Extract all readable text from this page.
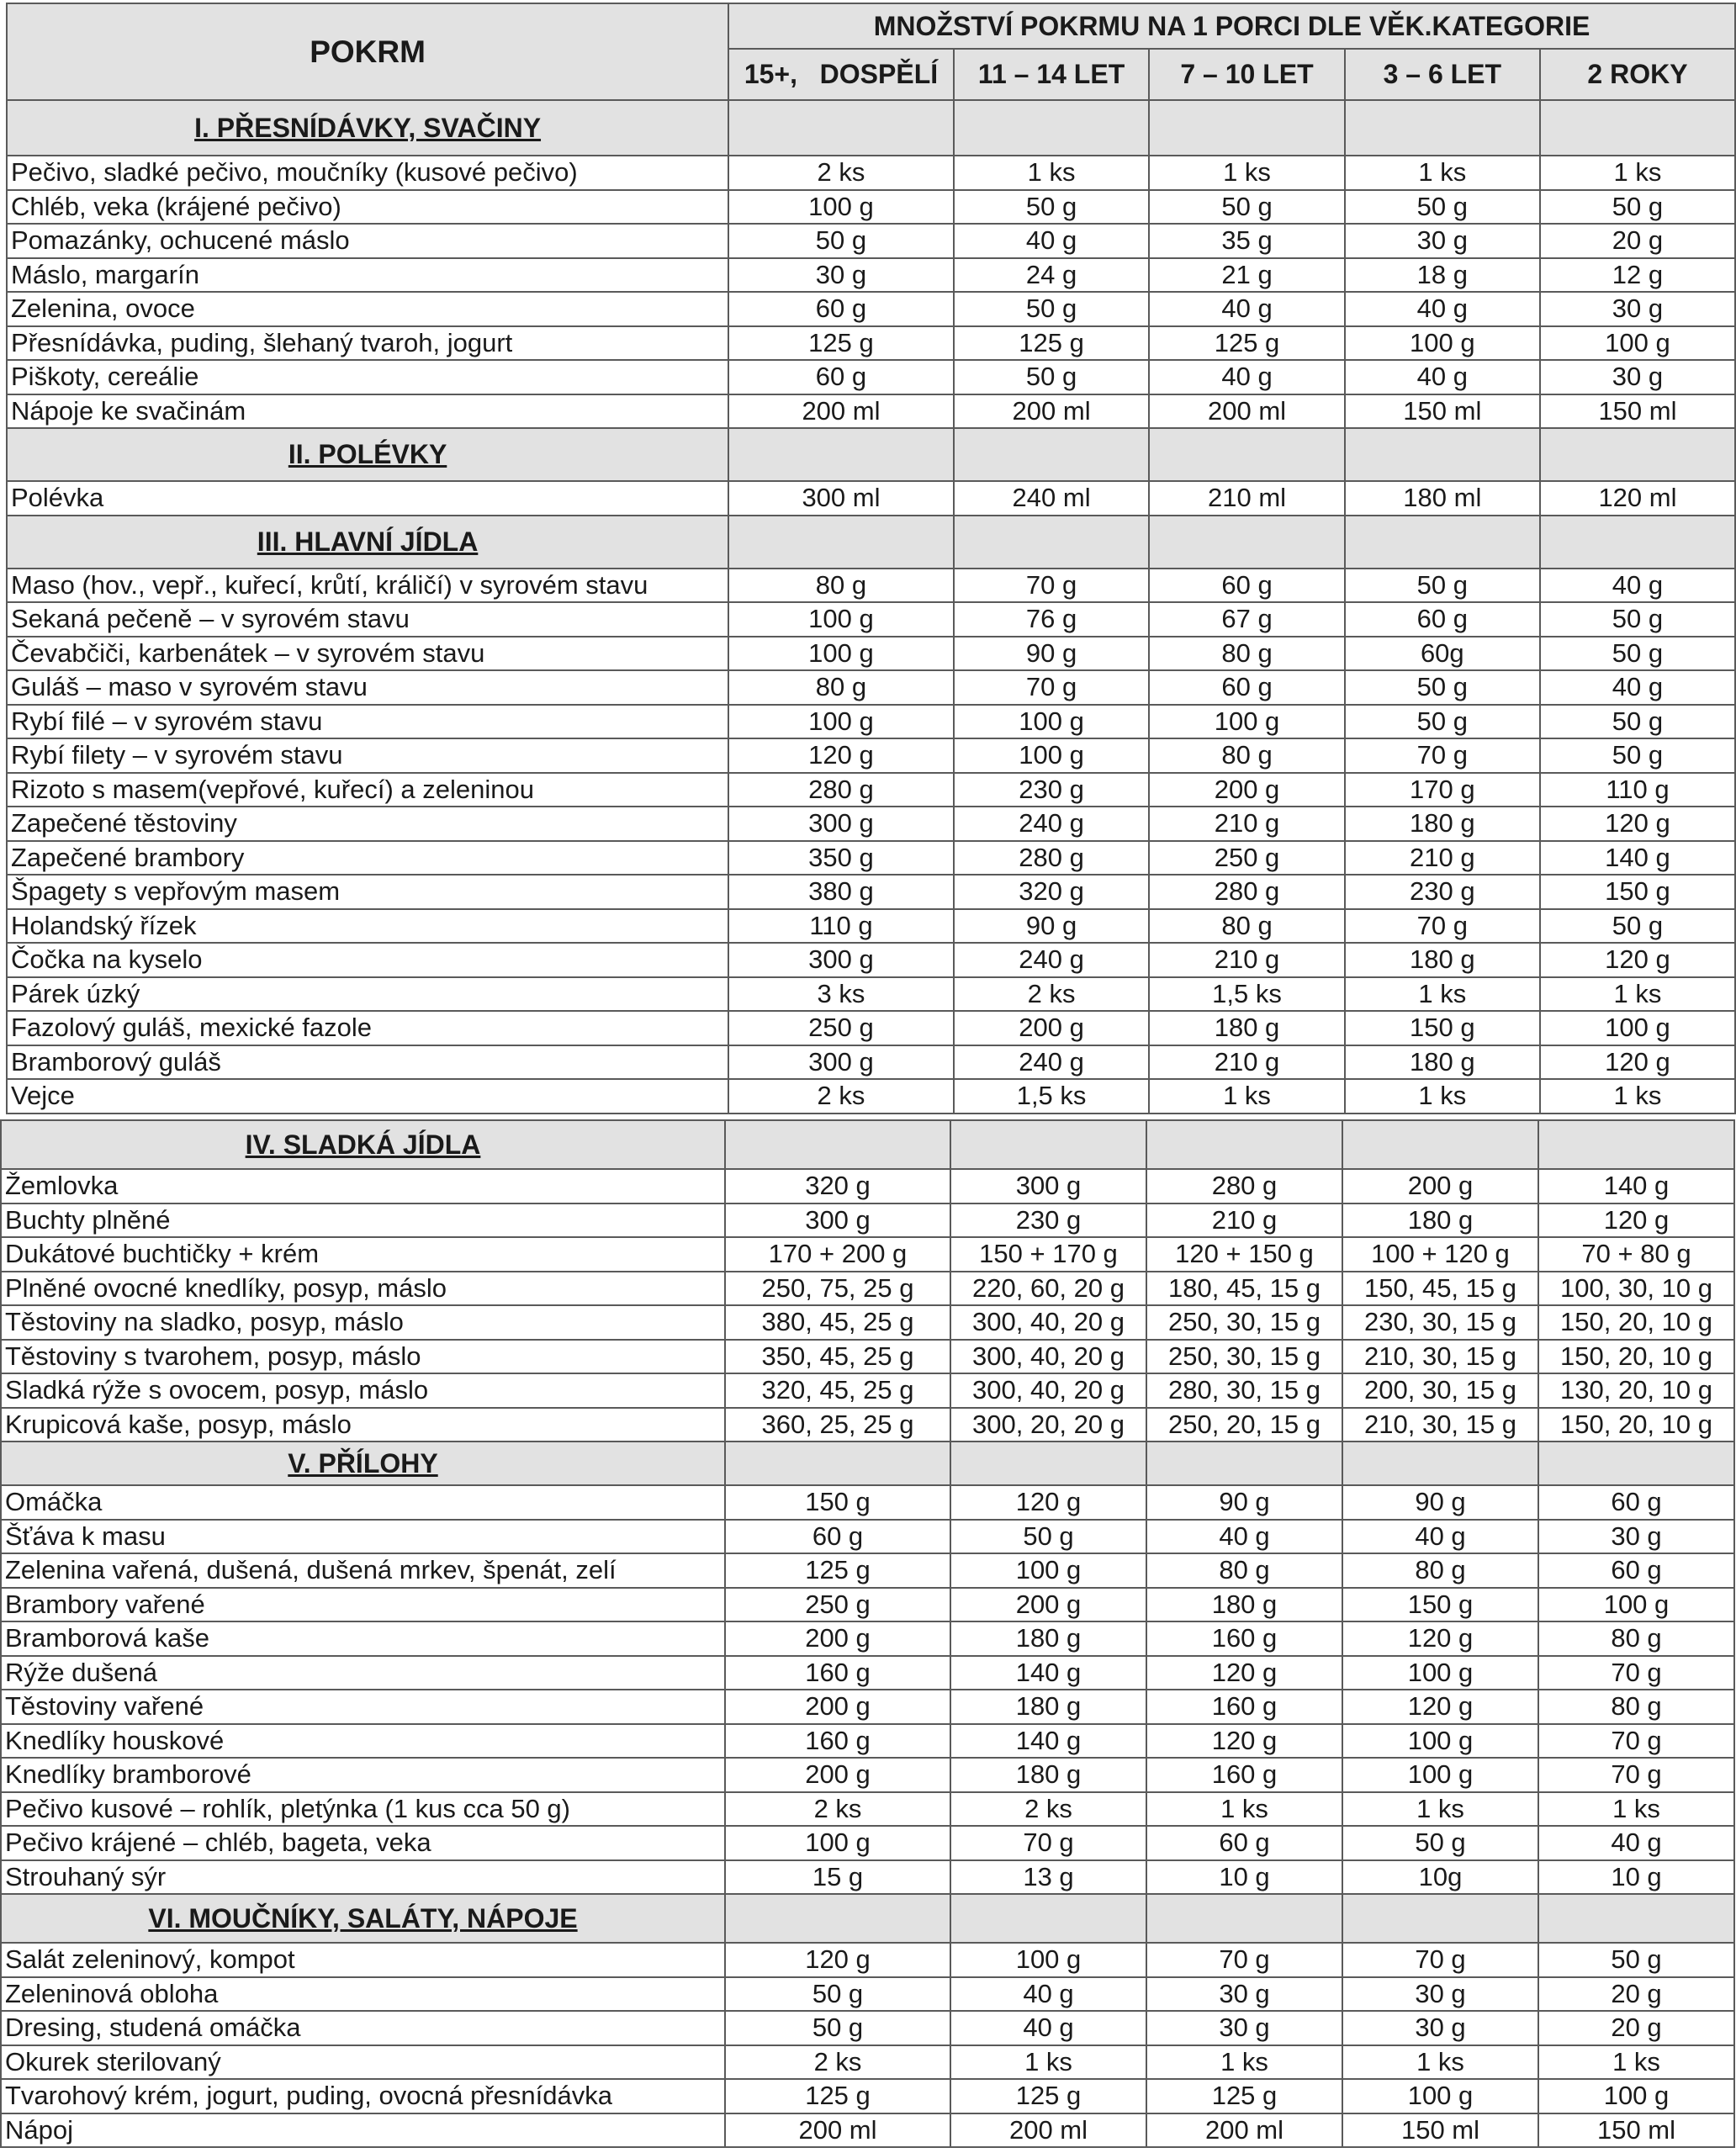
POKRM	MNOŽSTVÍ POKRMU NA 1 PORCI DLE VĚK.KATEGORIE				
	15+,   DOSPĚLÍ	11 – 14 LET	7 – 10 LET	3 – 6 LET	2 ROKY
I. PŘESNÍDÁVKY, SVAČINY					
Pečivo, sladké pečivo, moučníky (kusové pečivo)	2 ks	1 ks	1 ks	1 ks	1 ks
Chléb, veka (krájené pečivo)	100 g	50 g	50 g	50 g	50 g
Pomazánky, ochucené máslo	50 g	40 g	35 g	30 g	20 g
Máslo, margarín	30 g	24 g	21 g	18 g	12 g
Zelenina, ovoce	60 g	50 g	40 g	40 g	30 g
Přesnídávka, puding, šlehaný tvaroh, jogurt	125 g	125 g	125 g	100 g	100 g
Piškoty, cereálie	60 g	50 g	40 g	40 g	30 g
Nápoje ke svačinám	200 ml	200 ml	200 ml	150 ml	150 ml
II. POLÉVKY					
Polévka	300 ml	240 ml	210 ml	180 ml	120 ml
III. HLAVNÍ JÍDLA					
Maso (hov., vepř., kuřecí, krůtí, králičí) v syrovém stavu	80 g	70 g	60 g	50 g	40 g
Sekaná pečeně – v syrovém stavu	100 g	76 g	67 g	60 g	50 g
Čevabčiči, karbenátek – v syrovém stavu	100 g	90 g	80 g	60g	50 g
Guláš – maso v syrovém stavu	80 g	70 g	60 g	50 g	40 g
Rybí filé – v syrovém stavu	100 g	100 g	100 g	50 g	50 g
Rybí filety – v syrovém stavu	120 g	100 g	80 g	70 g	50 g
Rizoto s masem(vepřové, kuřecí) a zeleninou	280 g	230 g	200 g	170 g	110 g
Zapečené těstoviny	300 g	240 g	210 g	180 g	120 g
Zapečené brambory	350 g	280 g	250 g	210 g	140 g
Špagety s vepřovým masem	380 g	320 g	280 g	230 g	150 g
Holandský řízek	110 g	90 g	80 g	70 g	50 g
Čočka na kyselo	300 g	240 g	210 g	180 g	120 g
Párek úzký	3 ks	2 ks	1,5 ks	1 ks	1 ks
Fazolový guláš, mexické fazole	250 g	200 g	180 g	150 g	100 g
Bramborový guláš	300 g	240 g	210 g	180 g	120 g
Vejce	2 ks	1,5 ks	1 ks	1 ks	1 ks
IV. SLADKÁ JÍDLA					
Žemlovka	320 g	300 g	280 g	200 g	140 g
Buchty plněné	300 g	230 g	210 g	180 g	120 g
Dukátové buchtičky + krém	170 + 200 g	150 + 170 g	120 + 150 g	100 + 120 g	70 + 80 g
Plněné ovocné knedlíky, posyp, máslo	250, 75, 25 g	220, 60, 20 g	180, 45, 15 g	150, 45, 15 g	100, 30, 10 g
Těstoviny na sladko, posyp, máslo	380, 45, 25 g	300, 40, 20 g	250, 30, 15 g	230, 30, 15 g	150, 20, 10 g
Těstoviny s tvarohem, posyp, máslo	350, 45, 25 g	300, 40, 20 g	250, 30, 15 g	210, 30, 15 g	150, 20, 10 g
Sladká rýže s ovocem, posyp, máslo	320, 45, 25 g	300, 40, 20 g	280, 30, 15 g	200, 30, 15 g	130, 20, 10 g
Krupicová kaše, posyp, máslo	360, 25, 25 g	300, 20, 20 g	250, 20, 15 g	210, 30, 15 g	150, 20, 10 g
V. PŘÍLOHY					
Omáčka	150 g	120 g	90 g	90 g	60 g
Šťáva k masu	60 g	50 g	40 g	40 g	30 g
Zelenina vařená, dušená, dušená mrkev, špenát, zelí	125 g	100 g	80 g	80 g	60 g
Brambory vařené	250 g	200 g	180 g	150 g	100 g
Bramborová kaše	200 g	180 g	160 g	120 g	80 g
Rýže dušená	160 g	140 g	120 g	100 g	70 g
Těstoviny vařené	200 g	180 g	160 g	120 g	80 g
Knedlíky houskové	160 g	140 g	120 g	100 g	70 g
Knedlíky bramborové	200 g	180 g	160 g	100 g	70 g
Pečivo kusové – rohlík, pletýnka (1 kus cca 50 g)	2 ks	2 ks	1 ks	1 ks	1 ks
Pečivo krájené – chléb, bageta, veka	100 g	70 g	60 g	50 g	40 g
Strouhaný sýr	15 g	13 g	10 g	10g	10 g
VI. MOUČNÍKY, SALÁTY, NÁPOJE					
Salát zeleninový, kompot	120 g	100 g	70 g	70 g	50 g
Zeleninová obloha	50 g	40 g	30 g	30 g	20 g
Dresing, studená omáčka	50 g	40 g	30 g	30 g	20 g
Okurek sterilovaný	2 ks	1 ks	1 ks	1 ks	1 ks
Tvarohový krém, jogurt, puding, ovocná přesnídávka	125 g	125 g	125 g	100 g	100 g
Nápoj	200 ml	200 ml	200 ml	150 ml	150 ml
